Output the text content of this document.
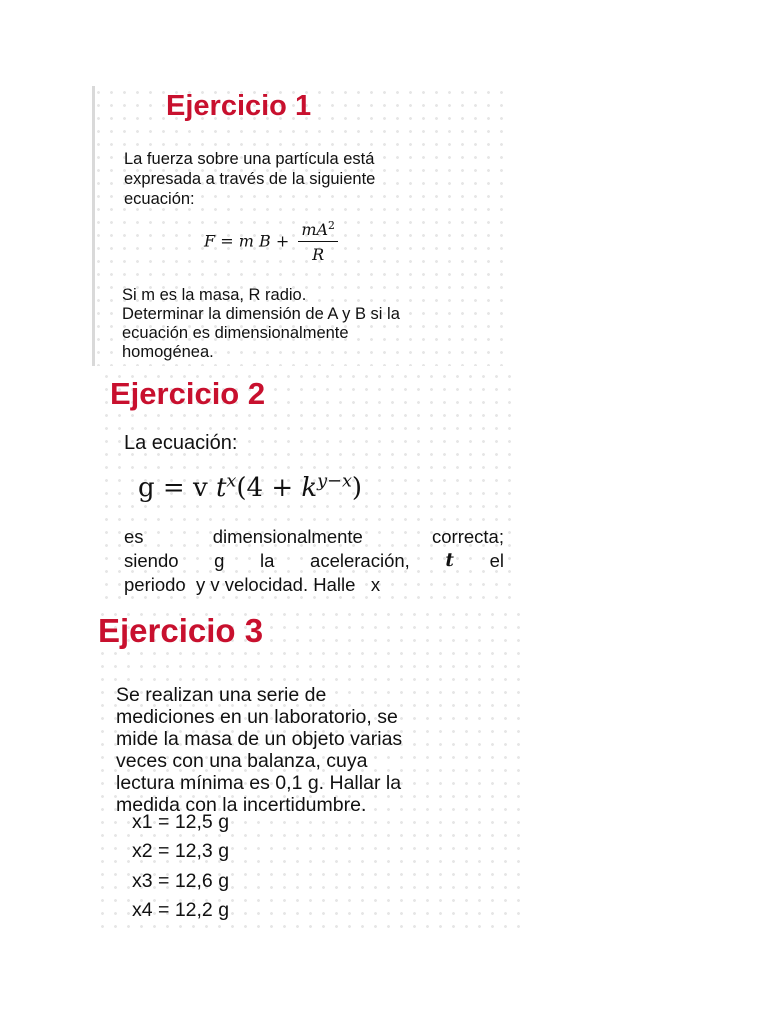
Ejercicio 1
La fuerza sobre una partícula está
expresada a través de la siguiente
ecuación:
F = m $B + \frac{mA^2}{R}$
Si m es la masa, R radio.
Determinar la dimensión de A y B si la
ecuación es dimensionalmente
homogénea.
Ejercicio 2
La ecuación:
g = v $t^x(4 + k^{y-x})$
es	dimensionalmente	correcta;
siendo g la aceleración, t el
periodo y v velocidad. Halle x
Ejercicio 3
Se realizan una serie de
mediciones en un laboratorio, se
mide la masa de un objeto varias
veces con una balanza, cuya
lectura mínima es 0,1 g. Hallar la
medida con la incertidumbre.
x1 = 12,5 g
x2 = 12,3 g
x3 = 12,6 g
x4 = 12,2 g
